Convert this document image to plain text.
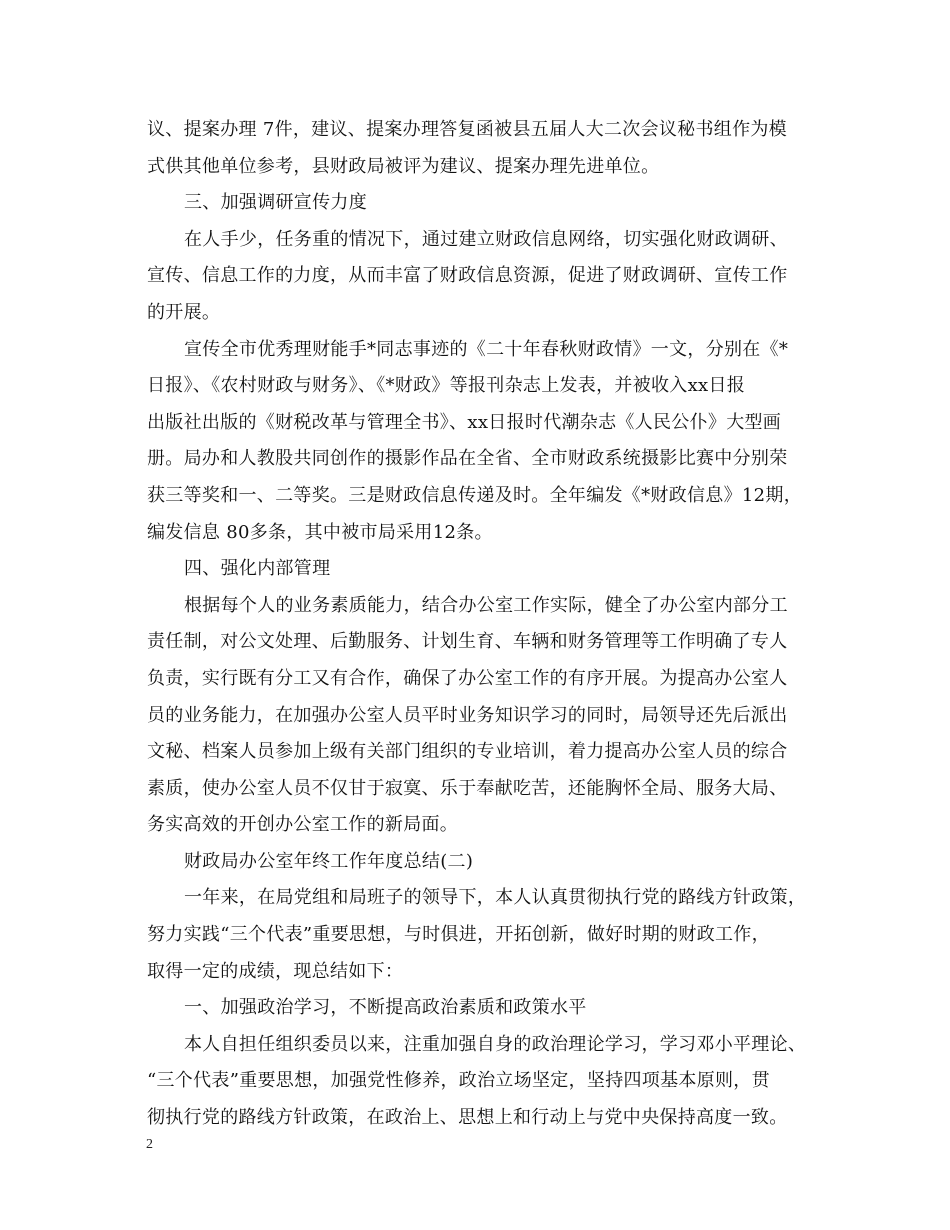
议、提案办理 7件，建议、提案办理答复函被县五届人大二次会议秘书组作为模
式供其他单位参考，县财政局被评为建议、提案办理先进单位。

三、加强调研宣传力度

在人手少，任务重的情况下，通过建立财政信息网络，切实强化财政调研、
宣传、信息工作的力度，从而丰富了财政信息资源，促进了财政调研、宣传工作
的开展。

宣传全市优秀理财能手*同志事迹的《二十年春秋财政情》一文，分别在《*
日报》、《农村财政与财务》、《*财政》等报刊杂志上发表，并被收入xx日报
出版社出版的《财税改革与管理全书》、xx日报时代潮杂志《人民公仆》大型画
册。局办和人教股共同创作的摄影作品在全省、全市财政系统摄影比赛中分别荣
获三等奖和一、二等奖。三是财政信息传递及时。全年编发《*财政信息》12期，
编发信息 80多条，其中被市局采用12条。

四、强化内部管理

根据每个人的业务素质能力，结合办公室工作实际，健全了办公室内部分工
责任制，对公文处理、后勤服务、计划生育、车辆和财务管理等工作明确了专人
负责，实行既有分工又有合作，确保了办公室工作的有序开展。为提高办公室人
员的业务能力，在加强办公室人员平时业务知识学习的同时，局领导还先后派出
文秘、档案人员参加上级有关部门组织的专业培训，着力提高办公室人员的综合
素质，使办公室人员不仅甘于寂寞、乐于奉献吃苦，还能胸怀全局、服务大局、
务实高效的开创办公室工作的新局面。

财政局办公室年终工作年度总结(二)

一年来，在局党组和局班子的领导下，本人认真贯彻执行党的路线方针政策，
努力实践“三个代表”重要思想，与时俱进，开拓创新，做好时期的财政工作，
取得一定的成绩，现总结如下：

一、加强政治学习，不断提高政治素质和政策水平

本人自担任组织委员以来，注重加强自身的政治理论学习，学习邓小平理论、
“三个代表”重要思想，加强党性修养，政治立场坚定，坚持四项基本原则，贯
彻执行党的路线方针政策，在政治上、思想上和行动上与党中央保持高度一致。

2
